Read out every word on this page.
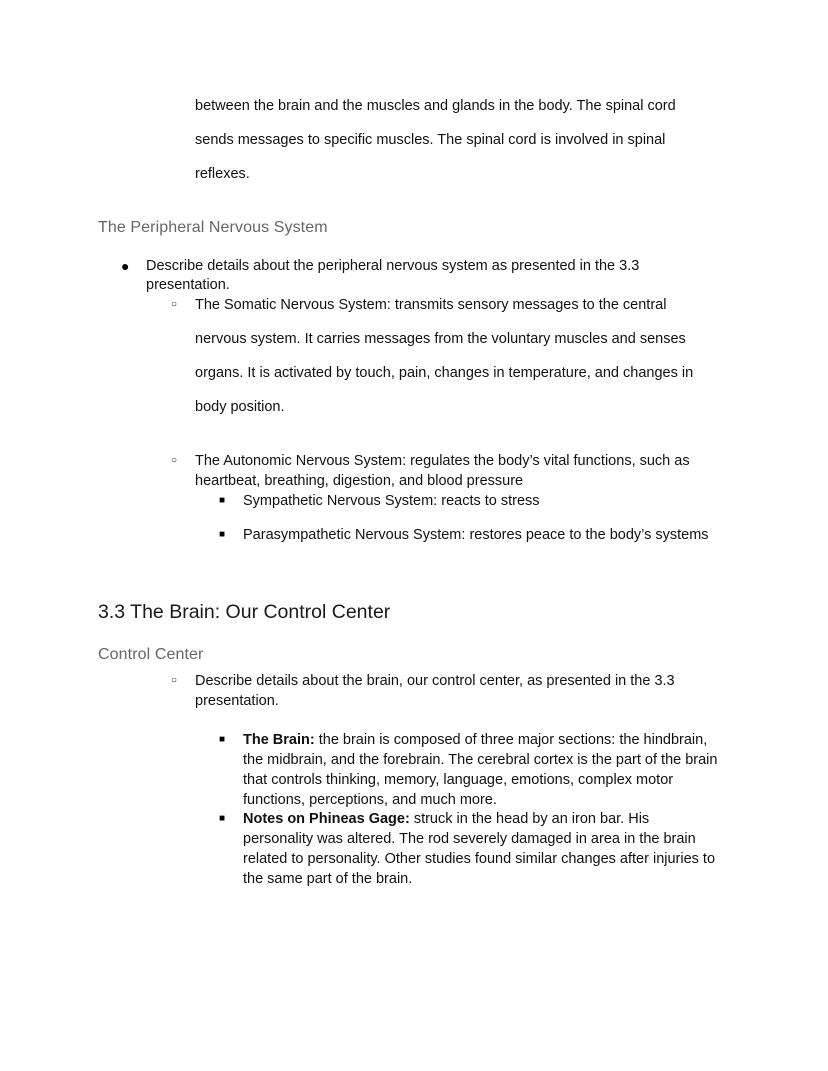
between the brain and the muscles and glands in the body. The spinal cord
sends messages to specific muscles. The spinal cord is involved in spinal
reflexes.
The Peripheral Nervous System
● Describe details about the peripheral nervous system as presented in the 3.3
presentation.
○ The Somatic Nervous System: transmits sensory messages to the central
nervous system. It carries messages from the voluntary muscles and senses
organs. It is activated by touch, pain, changes in temperature, and changes in
body position.
○ The Autonomic Nervous System: regulates the body’s vital functions, such as
heartbeat, breathing, digestion, and blood pressure
■ Sympathetic Nervous System: reacts to stress
■ Parasympathetic Nervous System: restores peace to the body’s systems
3.3 The Brain: Our Control Center
Control Center
○ Describe details about the brain, our control center, as presented in the 3.3
presentation.
■ The Brain: the brain is composed of three major sections: the hindbrain,
the midbrain, and the forebrain. The cerebral cortex is the part of the brain
that controls thinking, memory, language, emotions, complex motor
functions, perceptions, and much more.
■ Notes on Phineas Gage: struck in the head by an iron bar. His
personality was altered. The rod severely damaged in area in the brain
related to personality. Other studies found similar changes after injuries to
the same part of the brain.
